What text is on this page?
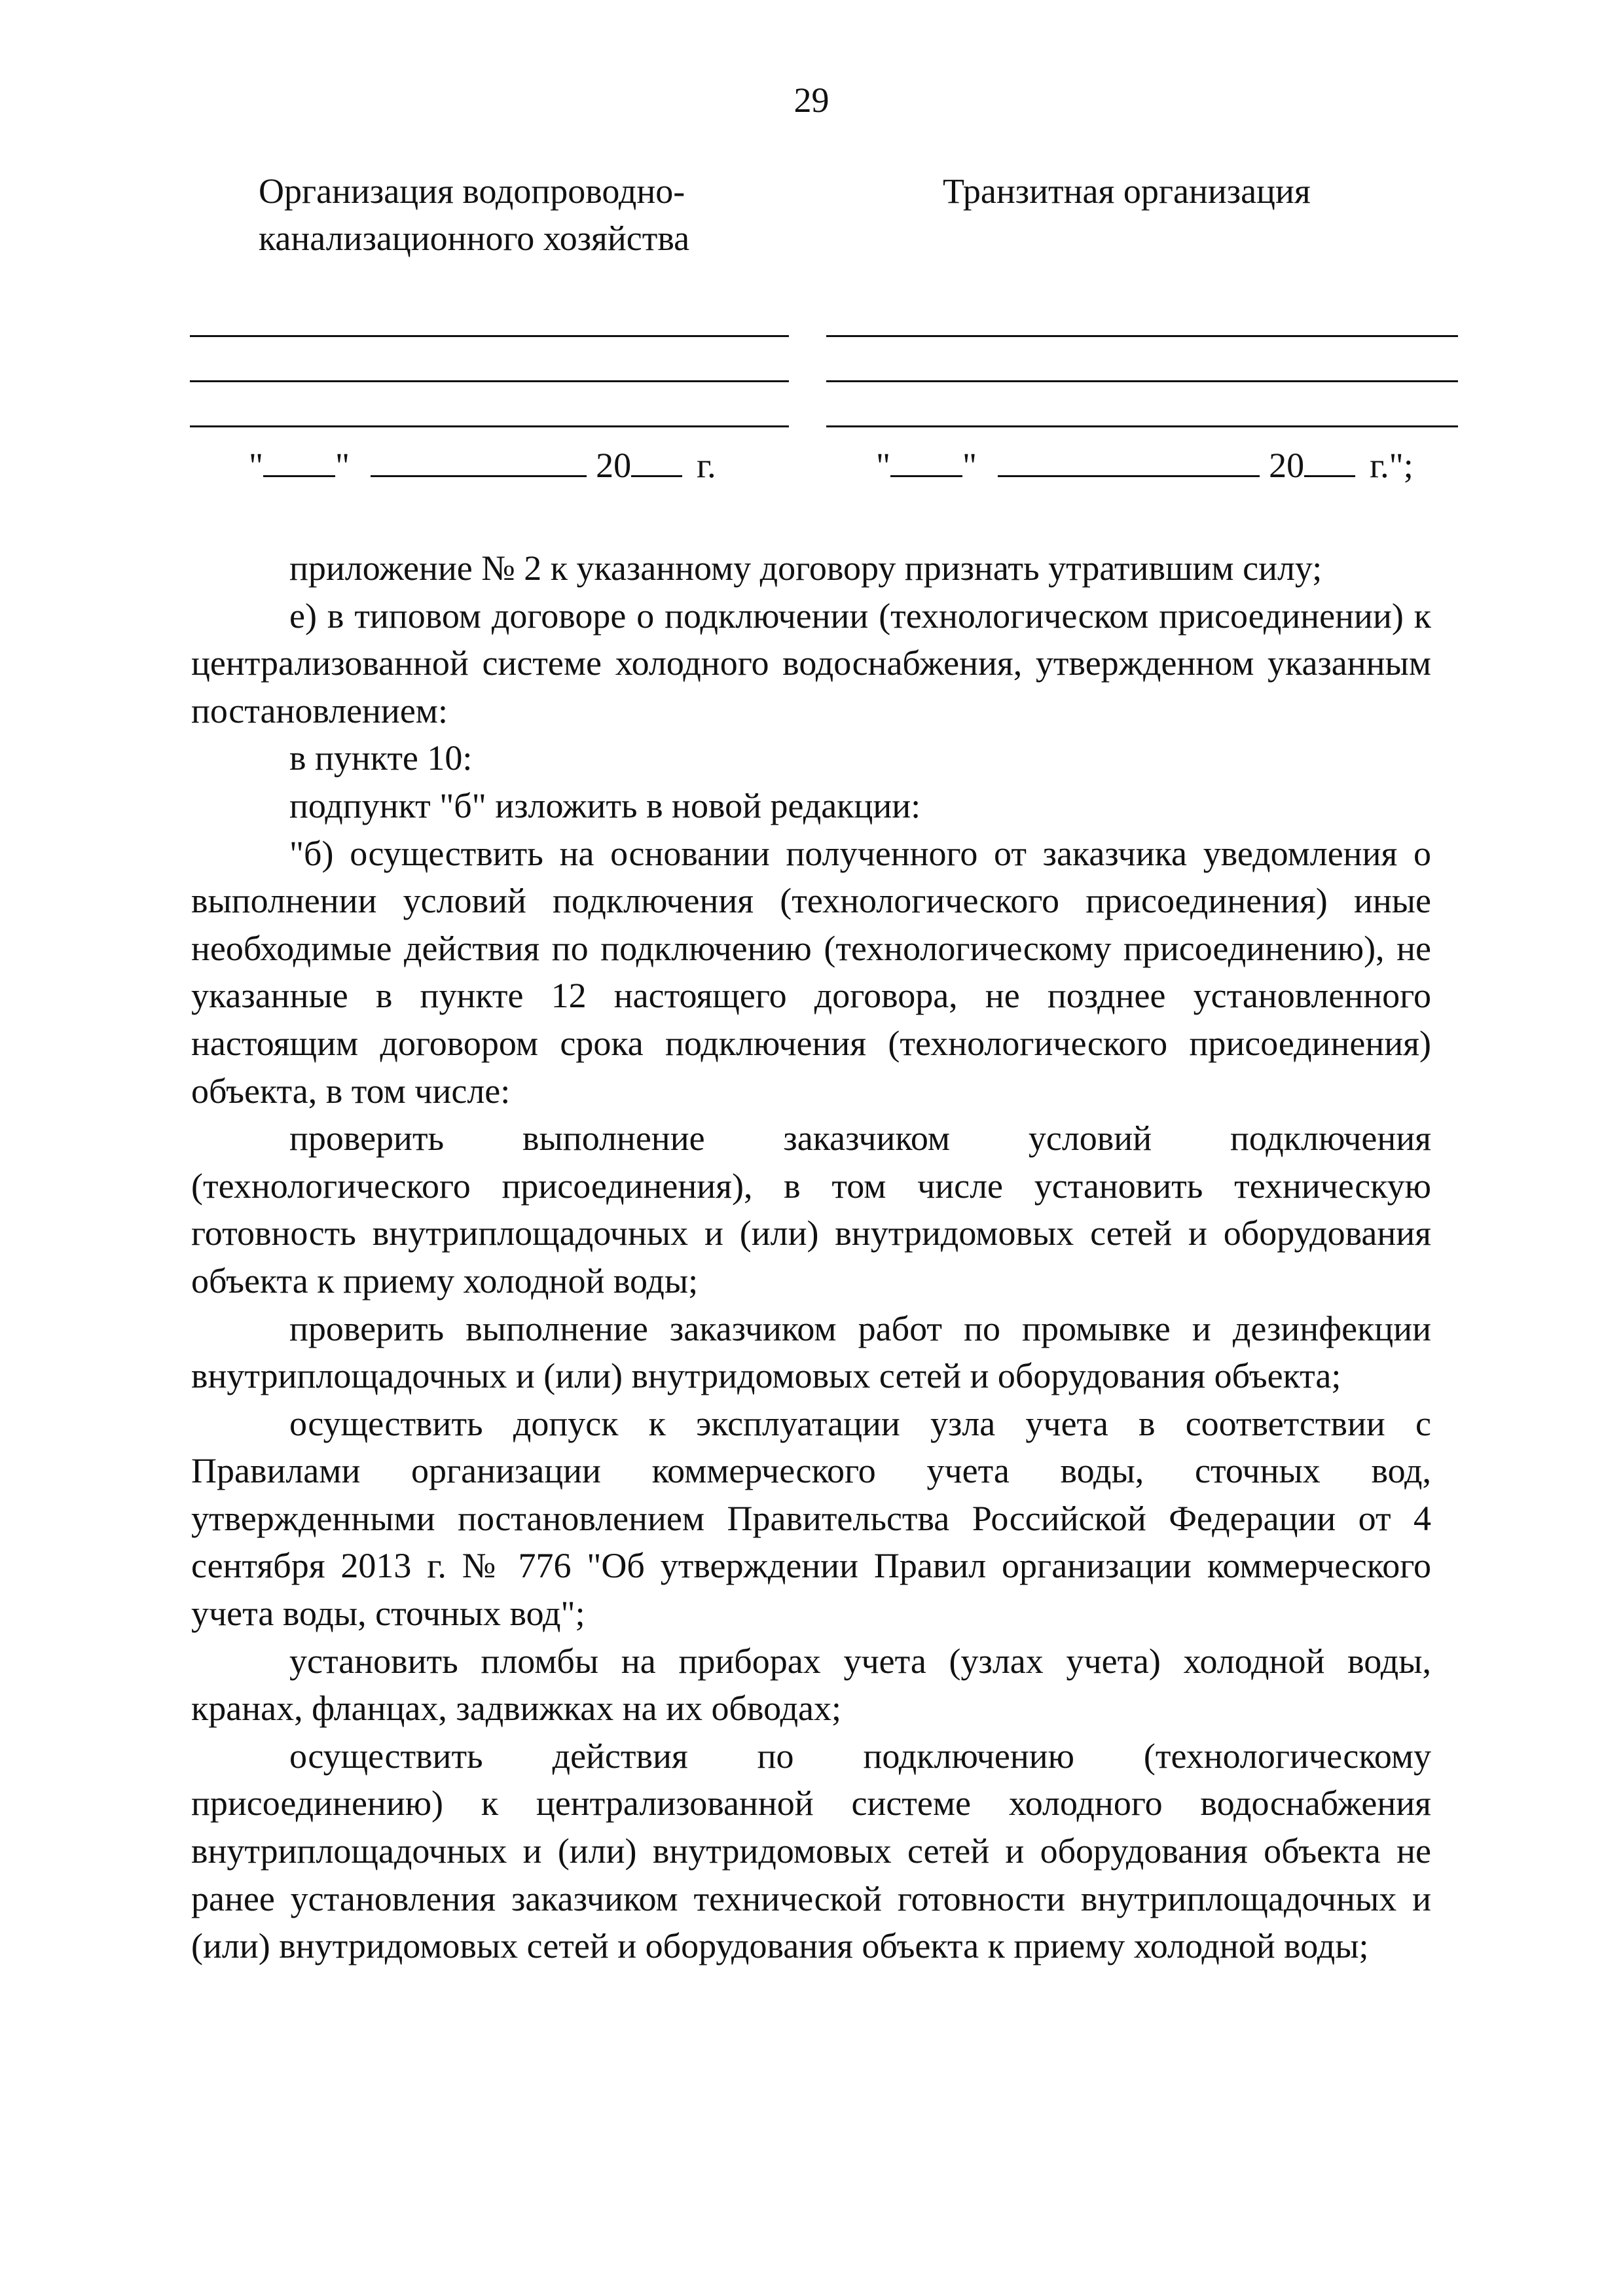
29
Организация водопроводно-
канализационного хозяйства
Транзитная организация
" "	20 г.	" "	20 г.";

приложение № 2 к указанному договору признать утратившим силу;

е) в типовом договоре о подключении (технологическом присоединении) к централизованной системе холодного водоснабжения, утвержденном указанным постановлением:

в пункте 10:

подпункт "б" изложить в новой редакции:

"б) осуществить на основании полученного от заказчика уведомления о выполнении условий подключения (технологического присоединения) иные необходимые действия по подключению (технологическому присоединению), не указанные в пункте 12 настоящего договора, не позднее установленного настоящим договором срока подключения (технологического присоединения) объекта, в том числе:

проверить выполнение заказчиком условий подключения (технологического присоединения), в том числе установить техническую готовность внутриплощадочных и (или) внутридомовых сетей и оборудования объекта к приему холодной воды;

проверить выполнение заказчиком работ по промывке и дезинфекции внутриплощадочных и (или) внутридомовых сетей и оборудования объекта;

осуществить допуск к эксплуатации узла учета в соответствии с Правилами организации коммерческого учета воды, сточных вод, утвержденными постановлением Правительства Российской Федерации от 4 сентября 2013 г. № 776 "Об утверждении Правил организации коммерческого учета воды, сточных вод";

установить пломбы на приборах учета (узлах учета) холодной воды, кранах, фланцах, задвижках на их обводах;

осуществить действия по подключению (технологическому присоединению) к централизованной системе холодного водоснабжения внутриплощадочных и (или) внутридомовых сетей и оборудования объекта не ранее установления заказчиком технической готовности внутриплощадочных и (или) внутридомовых сетей и оборудования объекта к приему холодной воды;
